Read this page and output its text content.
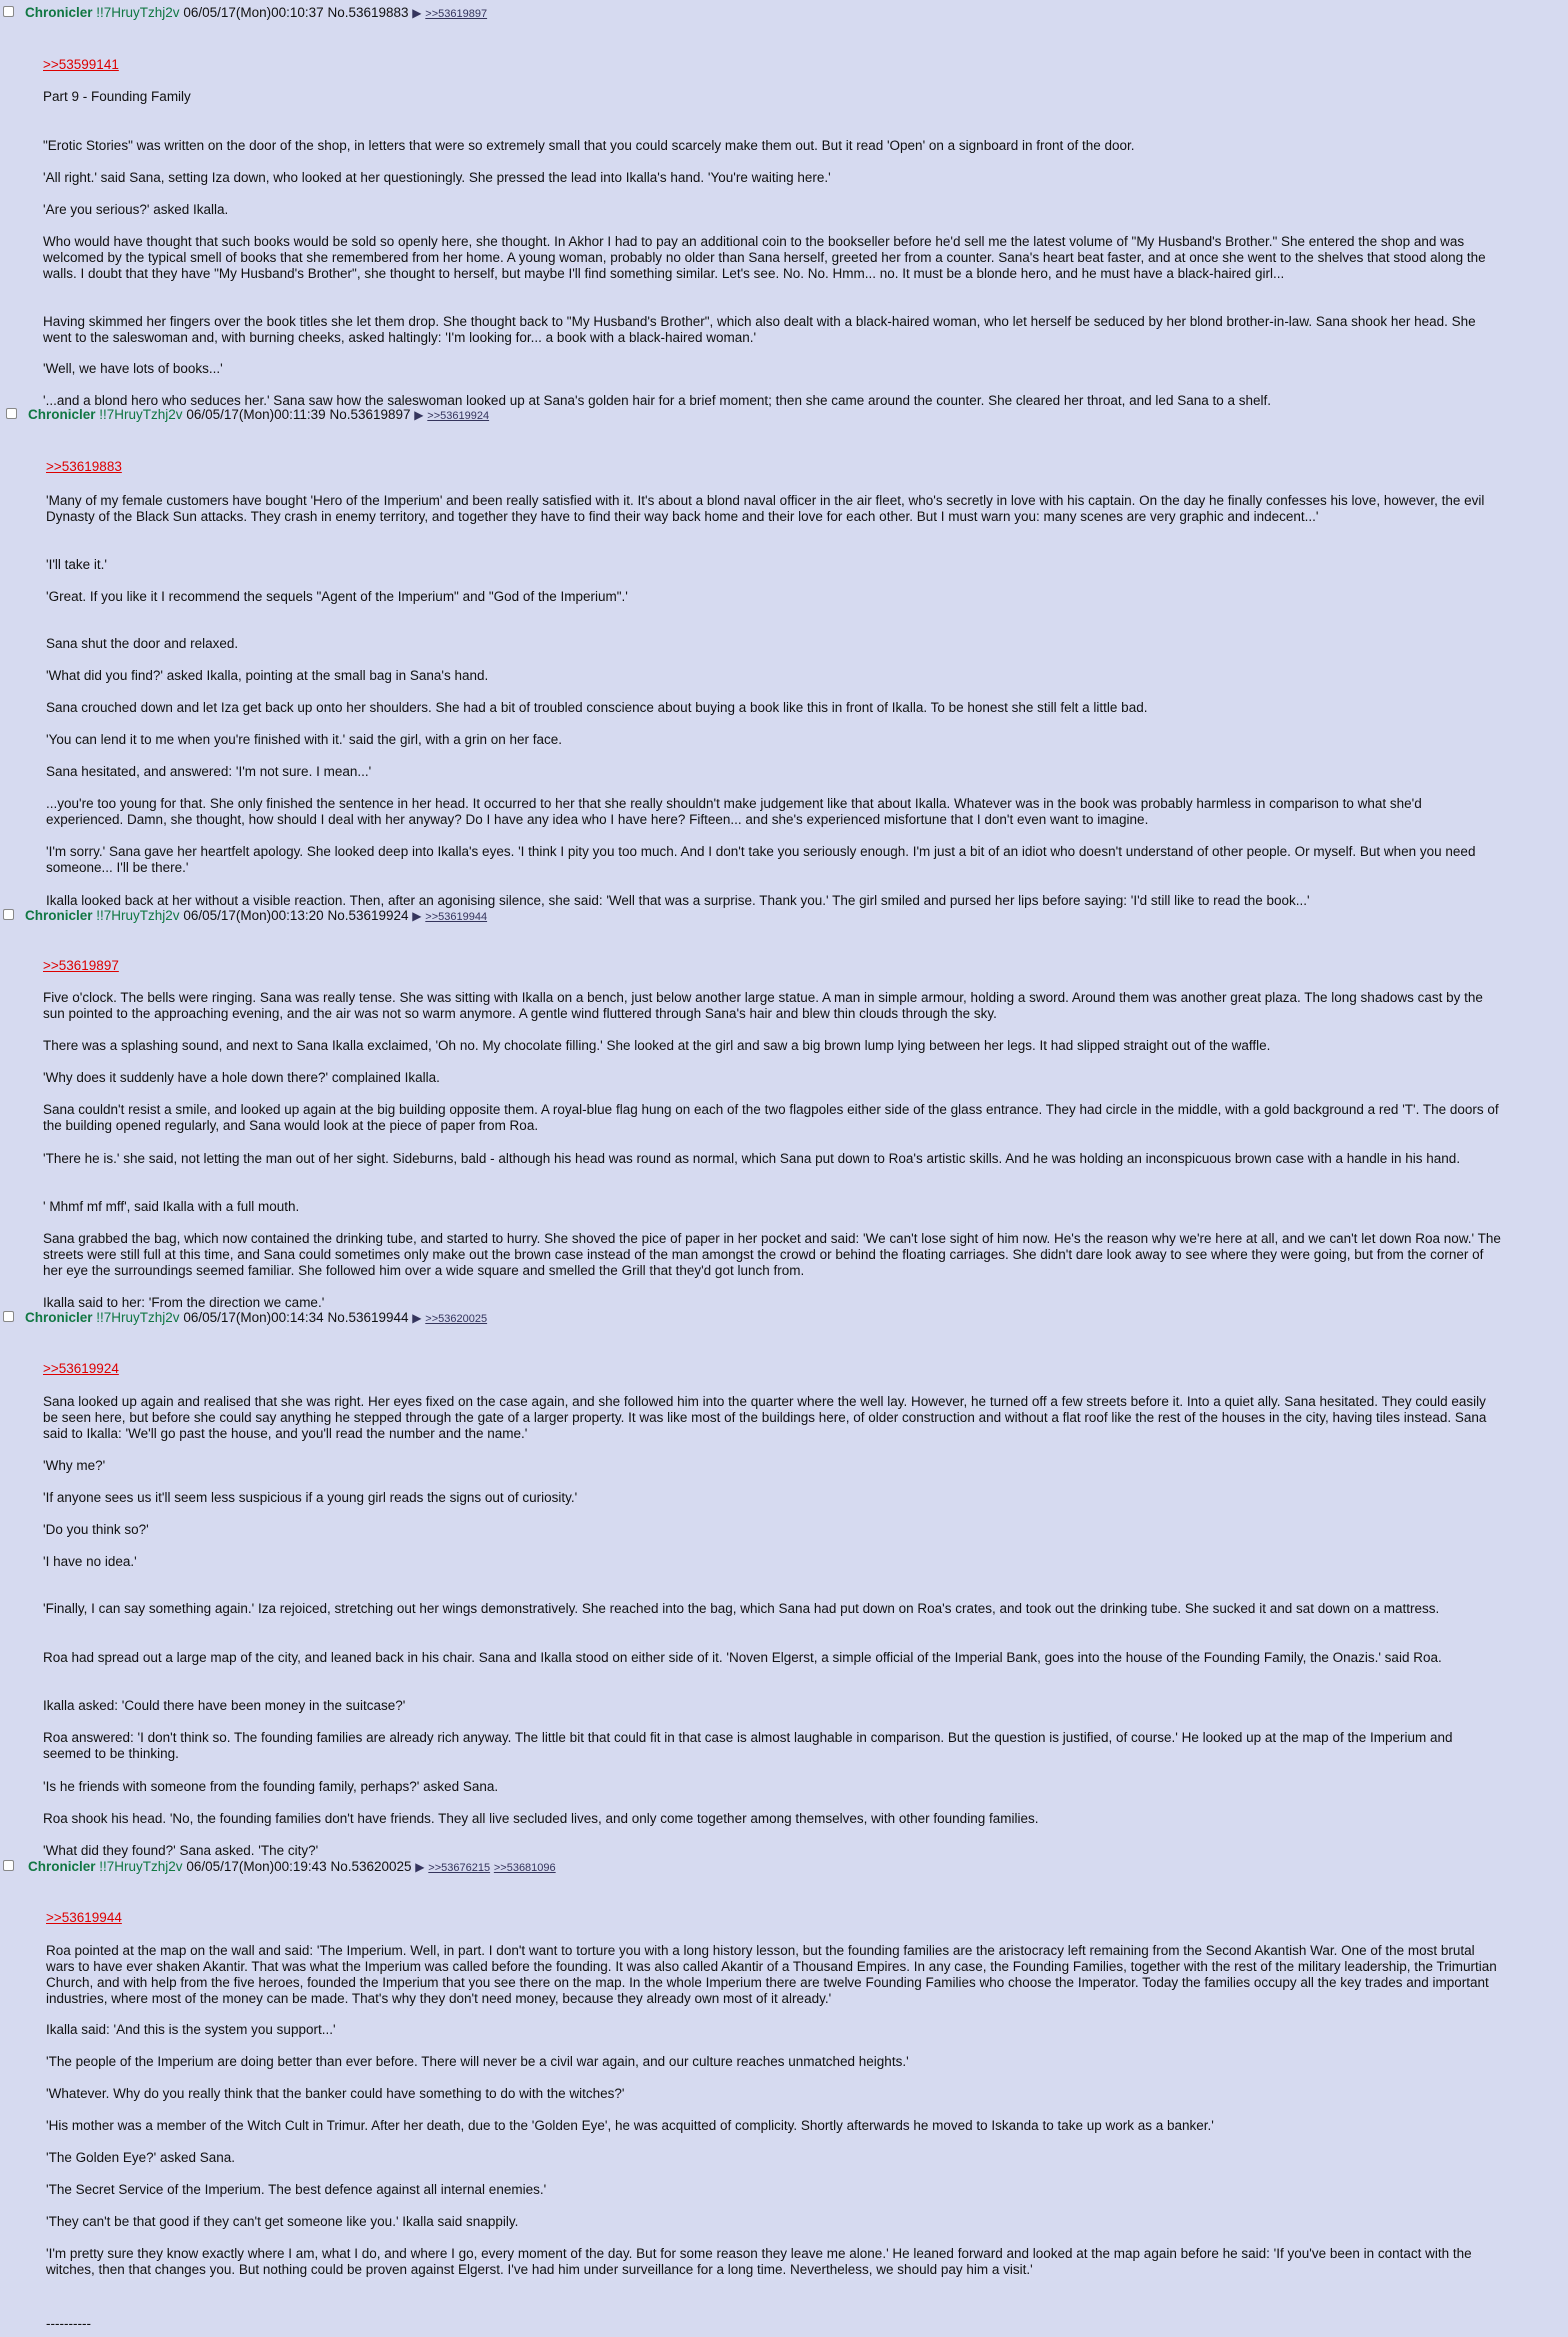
Chronicler !!7HruyTzhj2v 06/05/17(Mon)00:10:37 No.53619883 ▶ >>53619897
>>53599141
Part 9 - Founding Family
"Erotic Stories" was written on the door of the shop, in letters that were so extremely small that you could scarcely make them out. But it read 'Open' on a signboard in front of the door.
'All right.' said Sana, setting Iza down, who looked at her questioningly. She pressed the lead into Ikalla's hand. 'You're waiting here.'
'Are you serious?' asked Ikalla.
Who would have thought that such books would be sold so openly here, she thought. In Akhor I had to pay an additional coin to the bookseller before he'd sell me the latest volume of "My Husband's Brother." She entered the shop and was welcomed by the typical smell of books that she remembered from her home. A young woman, probably no older than Sana herself, greeted her from a counter. Sana's heart beat faster, and at once she went to the shelves that stood along the walls. I doubt that they have "My Husband's Brother", she thought to herself, but maybe I'll find something similar. Let's see. No. No. Hmm... no. It must be a blonde hero, and he must have a black-haired girl...
Having skimmed her fingers over the book titles she let them drop. She thought back to "My Husband's Brother", which also dealt with a black-haired woman, who let herself be seduced by her blond brother-in-law. Sana shook her head. She went to the saleswoman and, with burning cheeks, asked haltingly: 'I'm looking for... a book with a black-haired woman.'
'Well, we have lots of books...'
'...and a blond hero who seduces her.' Sana saw how the saleswoman looked up at Sana's golden hair for a brief moment; then she came around the counter. She cleared her throat, and led Sana to a shelf.
Chronicler !!7HruyTzhj2v 06/05/17(Mon)00:11:39 No.53619897 ▶ >>53619924
>>53619883
'Many of my female customers have bought 'Hero of the Imperium' and been really satisfied with it. It's about a blond naval officer in the air fleet, who's secretly in love with his captain. On the day he finally confesses his love, however, the evil Dynasty of the Black Sun attacks. They crash in enemy territory, and together they have to find their way back home and their love for each other. But I must warn you: many scenes are very graphic and indecent...'
'I'll take it.'
'Great. If you like it I recommend the sequels "Agent of the Imperium" and "God of the Imperium".'
Sana shut the door and relaxed.
'What did you find?' asked Ikalla, pointing at the small bag in Sana's hand.
Sana crouched down and let Iza get back up onto her shoulders. She had a bit of troubled conscience about buying a book like this in front of Ikalla. To be honest she still felt a little bad.
'You can lend it to me when you're finished with it.' said the girl, with a grin on her face.
Sana hesitated, and answered: 'I'm not sure. I mean...'
...you're too young for that. She only finished the sentence in her head. It occurred to her that she really shouldn't make judgement like that about Ikalla. Whatever was in the book was probably harmless in comparison to what she'd experienced. Damn, she thought, how should I deal with her anyway? Do I have any idea who I have here? Fifteen... and she's experienced misfortune that I don't even want to imagine.
'I'm sorry.' Sana gave her heartfelt apology. She looked deep into Ikalla's eyes. 'I think I pity you too much. And I don't take you seriously enough. I'm just a bit of an idiot who doesn't understand of other people. Or myself. But when you need someone... I'll be there.'
Ikalla looked back at her without a visible reaction. Then, after an agonising silence, she said: 'Well that was a surprise. Thank you.' The girl smiled and pursed her lips before saying: 'I'd still like to read the book...'
Chronicler !!7HruyTzhj2v 06/05/17(Mon)00:13:20 No.53619924 ▶ >>53619944
>>53619897
Five o'clock. The bells were ringing. Sana was really tense. She was sitting with Ikalla on a bench, just below another large statue. A man in simple armour, holding a sword. Around them was another great plaza. The long shadows cast by the sun pointed to the approaching evening, and the air was not so warm anymore. A gentle wind fluttered through Sana's hair and blew thin clouds through the sky.
There was a splashing sound, and next to Sana Ikalla exclaimed, 'Oh no. My chocolate filling.' She looked at the girl and saw a big brown lump lying between her legs. It had slipped straight out of the waffle.
'Why does it suddenly have a hole down there?' complained Ikalla.
Sana couldn't resist a smile, and looked up again at the big building opposite them. A royal-blue flag hung on each of the two flagpoles either side of the glass entrance. They had circle in the middle, with a gold background a red 'T'. The doors of the building opened regularly, and Sana would look at the piece of paper from Roa.
'There he is.' she said, not letting the man out of her sight. Sideburns, bald - although his head was round as normal, which Sana put down to Roa's artistic skills. And he was holding an inconspicuous brown case with a handle in his hand.
' Mhmf mf mff', said Ikalla with a full mouth.
Sana grabbed the bag, which now contained the drinking tube, and started to hurry. She shoved the pice of paper in her pocket and said: 'We can't lose sight of him now. He's the reason why we're here at all, and we can't let down Roa now.' The streets were still full at this time, and Sana could sometimes only make out the brown case instead of the man amongst the crowd or behind the floating carriages. She didn't dare look away to see where they were going, but from the corner of her eye the surroundings seemed familiar. She followed him over a wide square and smelled the Grill that they'd got lunch from.
Ikalla said to her: 'From the direction we came.'
Chronicler !!7HruyTzhj2v 06/05/17(Mon)00:14:34 No.53619944 ▶ >>53620025
>>53619924
Sana looked up again and realised that she was right. Her eyes fixed on the case again, and she followed him into the quarter where the well lay. However, he turned off a few streets before it. Into a quiet ally. Sana hesitated. They could easily be seen here, but before she could say anything he stepped through the gate of a larger property. It was like most of the buildings here, of older construction and without a flat roof like the rest of the houses in the city, having tiles instead. Sana said to Ikalla: 'We'll go past the house, and you'll read the number and the name.'
'Why me?'
'If anyone sees us it'll seem less suspicious if a young girl reads the signs out of curiosity.'
'Do you think so?'
'I have no idea.'
'Finally, I can say something again.' Iza rejoiced, stretching out her wings demonstratively. She reached into the bag, which Sana had put down on Roa's crates, and took out the drinking tube. She sucked it and sat down on a mattress.
Roa had spread out a large map of the city, and leaned back in his chair. Sana and Ikalla stood on either side of it. 'Noven Elgerst, a simple official of the Imperial Bank, goes into the house of the Founding Family, the Onazis.' said Roa.
Ikalla asked: 'Could there have been money in the suitcase?'
Roa answered: 'I don't think so. The founding families are already rich anyway. The little bit that could fit in that case is almost laughable in comparison. But the question is justified, of course.' He looked up at the map of the Imperium and seemed to be thinking.
'Is he friends with someone from the founding family, perhaps?' asked Sana.
Roa shook his head. 'No, the founding families don't have friends. They all live secluded lives, and only come together among themselves, with other founding families.
'What did they found?' Sana asked. 'The city?'
Chronicler !!7HruyTzhj2v 06/05/17(Mon)00:19:43 No.53620025 ▶ >>53676215 >>53681096
>>53619944
Roa pointed at the map on the wall and said: 'The Imperium. Well, in part. I don't want to torture you with a long history lesson, but the founding families are the aristocracy left remaining from the Second Akantish War. One of the most brutal wars to have ever shaken Akantir. That was what the Imperium was called before the founding. It was also called Akantir of a Thousand Empires. In any case, the Founding Families, together with the rest of the military leadership, the Trimurtian Church, and with help from the five heroes, founded the Imperium that you see there on the map. In the whole Imperium there are twelve Founding Families who choose the Imperator. Today the families occupy all the key trades and important industries, where most of the money can be made. That's why they don't need money, because they already own most of it already.'
Ikalla said: 'And this is the system you support...'
'The people of the Imperium are doing better than ever before. There will never be a civil war again, and our culture reaches unmatched heights.'
'Whatever. Why do you really think that the banker could have something to do with the witches?'
'His mother was a member of the Witch Cult in Trimur. After her death, due to the 'Golden Eye', he was acquitted of complicity. Shortly afterwards he moved to Iskanda to take up work as a banker.'
'The Golden Eye?' asked Sana.
'The Secret Service of the Imperium. The best defence against all internal enemies.'
'They can't be that good if they can't get someone like you.' Ikalla said snappily.
'I'm pretty sure they know exactly where I am, what I do, and where I go, every moment of the day. But for some reason they leave me alone.' He leaned forward and looked at the map again before he said: 'If you've been in contact with the witches, then that changes you. But nothing could be proven against Elgerst. I've had him under surveillance for a long time. Nevertheless, we should pay him a visit.'
----------
